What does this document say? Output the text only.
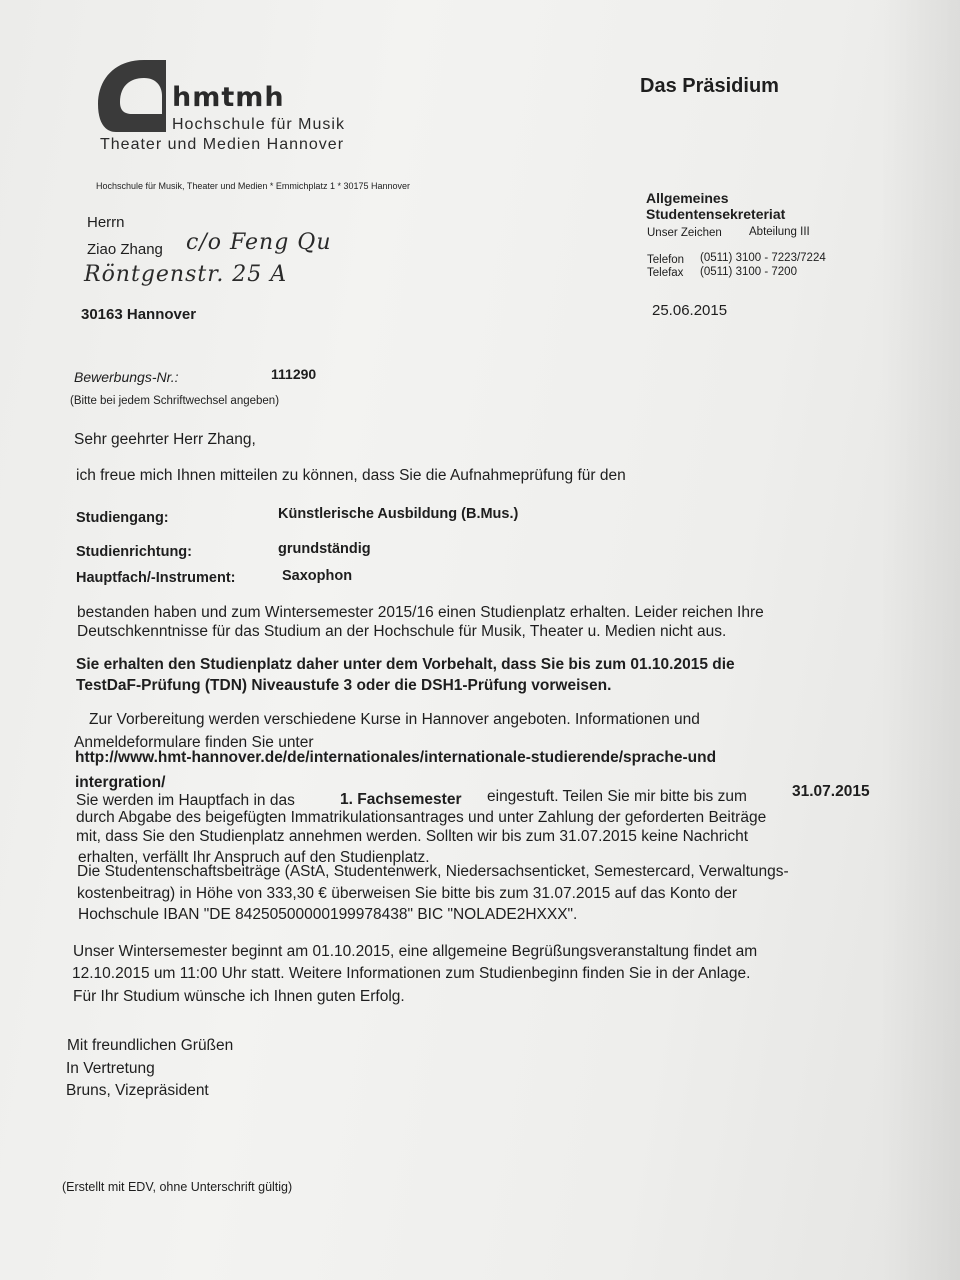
hmtmh
Hochschule für Musik
Theater und Medien Hannover
Das Präsidium
Hochschule für Musik, Theater und Medien * Emmichplatz 1 * 30175 Hannover
Herrn
Ziao Zhang c/o Feng Qu
Röntgenstr. 25 A
30163 Hannover
Allgemeines
Studentensekreteriat
Unser Zeichen Abteilung III
Telefon (0511) 3100 - 7223/7224
Telefax (0511) 3100 - 7200
25.06.2015
Bewerbungs-Nr.:	111290
(Bitte bei jedem Schriftwechsel angeben)
Sehr geehrter Herr Zhang,
ich freue mich Ihnen mitteilen zu können, dass Sie die Aufnahmeprüfung für den
Studiengang:	Künstlerische Ausbildung (B.Mus.)
Studienrichtung:	grundständig
Hauptfach/-Instrument:	Saxophon
bestanden haben und zum Wintersemester 2015/16 einen Studienplatz erhalten. Leider reichen Ihre
Deutschkenntnisse für das Studium an der Hochschule für Musik, Theater u. Medien nicht aus.
Sie erhalten den Studienplatz daher unter dem Vorbehalt, dass Sie bis zum 01.10.2015 die
TestDaF-Prüfung (TDN) Niveaustufe 3 oder die DSH1-Prüfung vorweisen.
Zur Vorbereitung werden verschiedene Kurse in Hannover angeboten. Informationen und
Anmeldeformulare finden Sie unter
http://www.hmt-hannover.de/de/internationales/internationale-studierende/sprache-und
intergration/
Sie werden im Hauptfach in das	1. Fachsemester eingestuft. Teilen Sie mir bitte bis zum	31.07.2015
durch Abgabe des beigefügten Immatrikulationsantrages und unter Zahlung der geforderten Beiträge
mit, dass Sie den Studienplatz annehmen werden. Sollten wir bis zum 31.07.2015 keine Nachricht
erhalten, verfällt Ihr Anspruch auf den Studienplatz.
Die Studentenschaftsbeiträge (AStA, Studentenwerk, Niedersachsenticket, Semestercard, Verwaltungs-
kostenbeitrag) in Höhe von 333,30 € überweisen Sie bitte bis zum 31.07.2015 auf das Konto der
Hochschule IBAN "DE 84250500000199978438" BIC "NOLADE2HXXX".
Unser Wintersemester beginnt am 01.10.2015, eine allgemeine Begrüßungsveranstaltung findet am
12.10.2015 um 11:00 Uhr statt. Weitere Informationen zum Studienbeginn finden Sie in der Anlage.
Für Ihr Studium wünsche ich Ihnen guten Erfolg.
Mit freundlichen Grüßen
In Vertretung
Bruns, Vizepräsident
(Erstellt mit EDV, ohne Unterschrift gültig)
